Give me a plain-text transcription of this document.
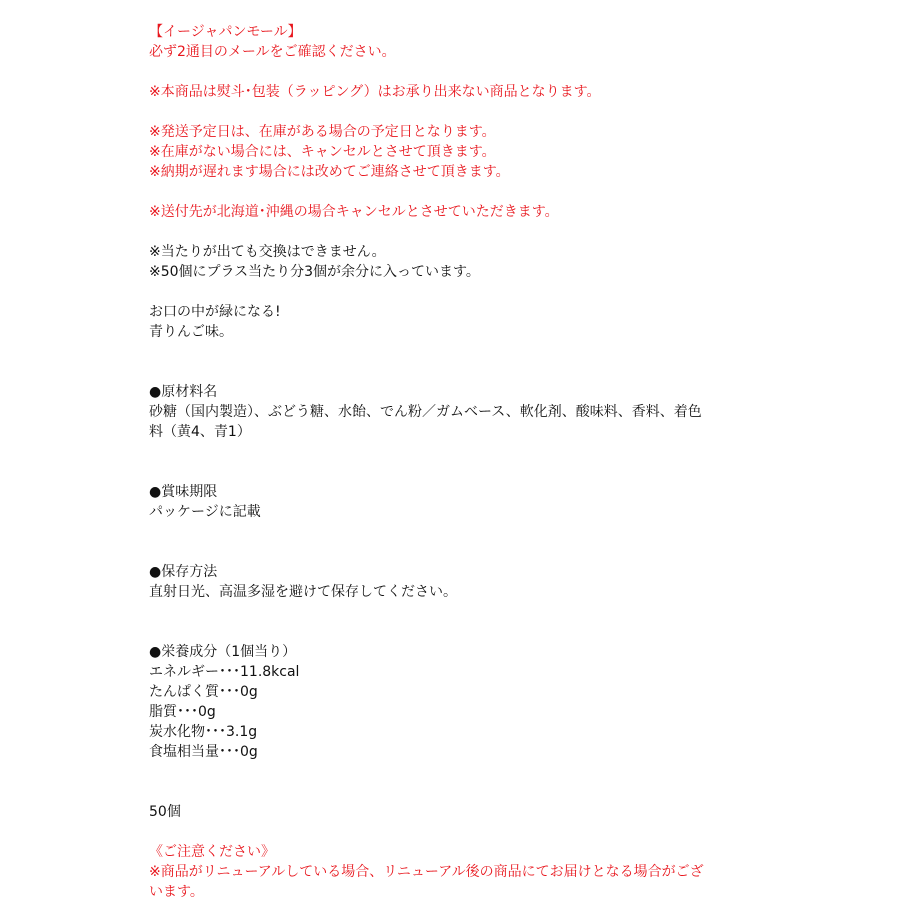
【イージャパンモール】
必ず2通目のメールをご確認ください。
※本商品は熨斗･包装（ラッピング）はお承り出来ない商品となります。
※発送予定日は、在庫がある場合の予定日となります。
※在庫がない場合には、キャンセルとさせて頂きます。
※納期が遅れます場合には改めてご連絡させて頂きます。
※送付先が北海道･沖縄の場合キャンセルとさせていただきます。
※当たりが出ても交換はできません。
※50個にプラス当たり分3個が余分に入っています。
お口の中が緑になる!
青りんご味。
●原材料名
砂糖（国内製造）、ぶどう糖、水飴、でん粉／ガムベース、軟化剤、酸味料、香料、着色
料（黄4、青1）
●賞味期限
パッケージに記載
●保存方法
直射日光、高温多湿を避けて保存してください。
●栄養成分（1個当り）
エネルギー･･･11.8kcal
たんぱく質･･･0g
脂質･･･0g
炭水化物･･･3.1g
食塩相当量･･･0g
50個
《ご注意ください》
※商品がリニューアルしている場合、リニューアル後の商品にてお届けとなる場合がござ
います。
